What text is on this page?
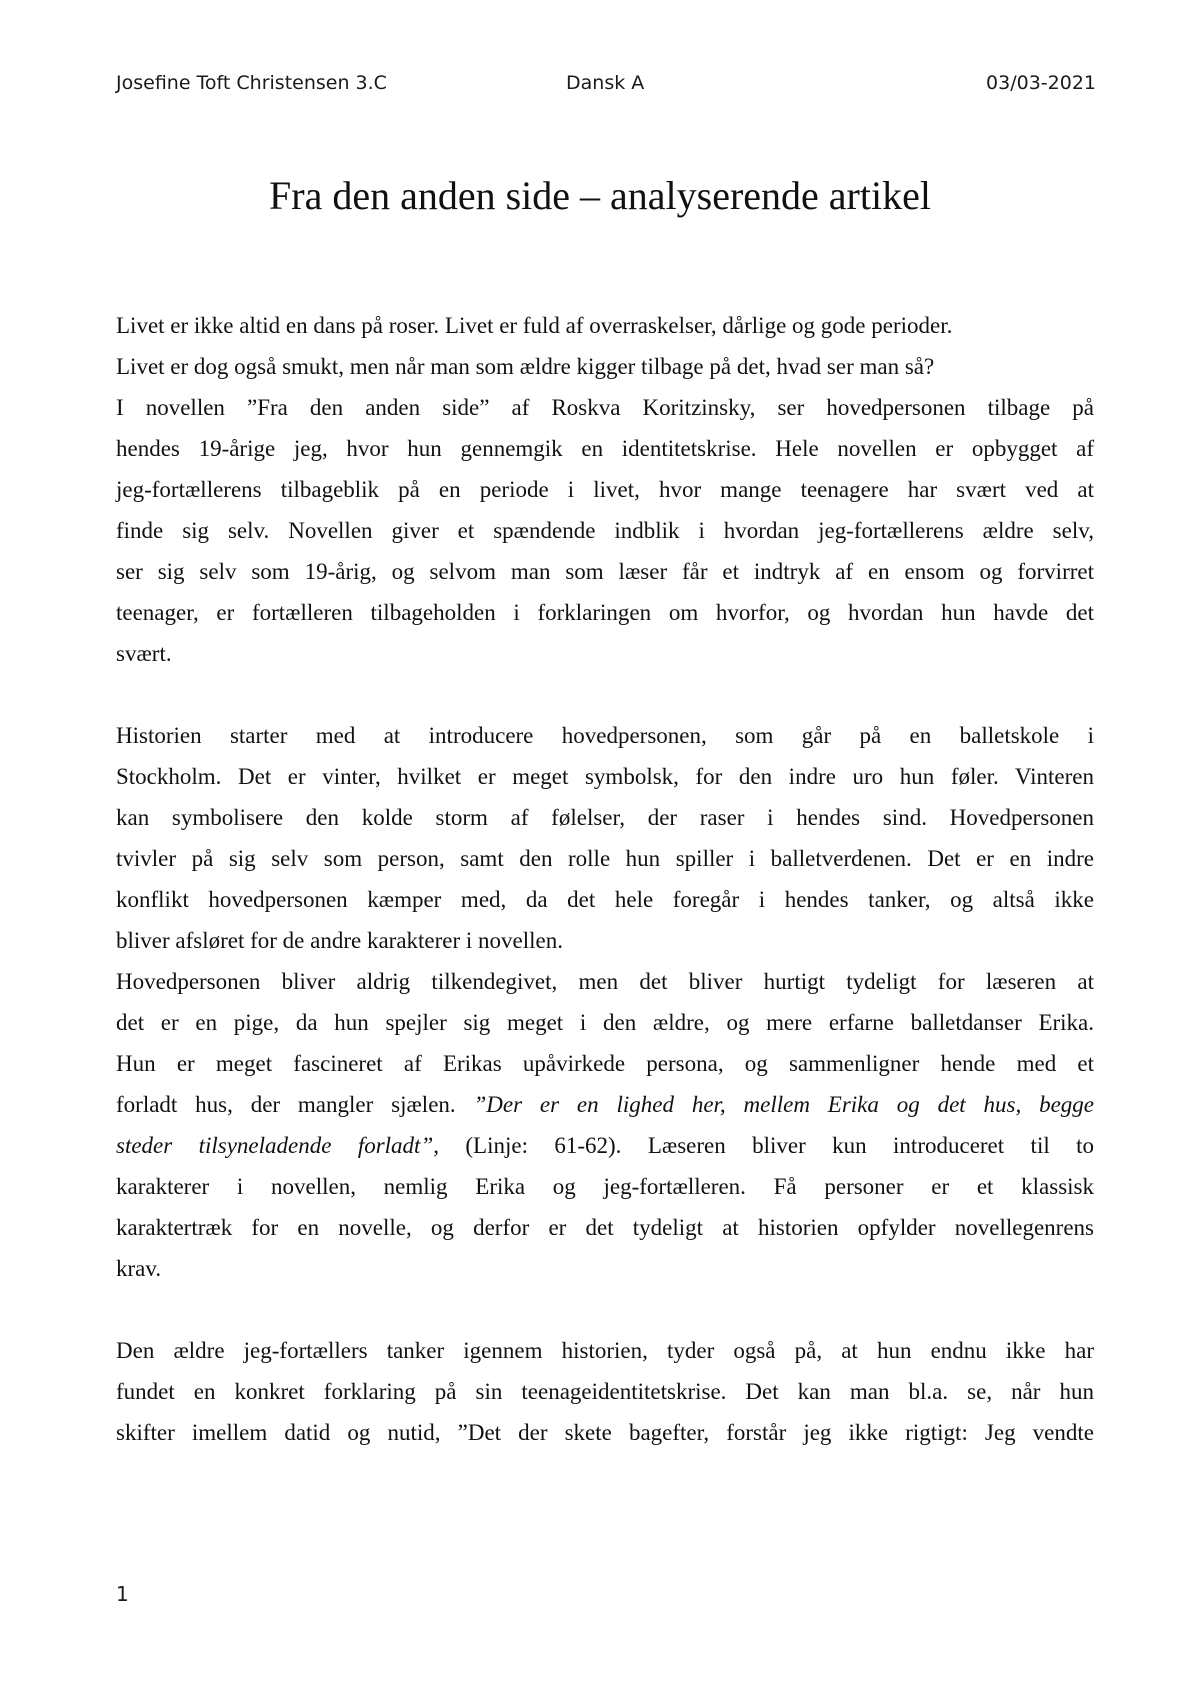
Josefine Toft Christensen 3.C	Dansk A	03/03-2021
Fra den anden side – analyserende artikel

Livet er ikke altid en dans på roser. Livet er fuld af overraskelser, dårlige og gode perioder.

Livet er dog også smukt, men når man som ældre kigger tilbage på det, hvad ser man så?

I novellen ”Fra den anden side” af Roskva Koritzinsky, ser hovedpersonen tilbage på

hendes 19-årige jeg, hvor hun gennemgik en identitetskrise. Hele novellen er opbygget af

jeg-fortællerens tilbageblik på en periode i livet, hvor mange teenagere har svært ved at

finde sig selv. Novellen giver et spændende indblik i hvordan jeg-fortællerens ældre selv,

ser sig selv som 19-årig, og selvom man som læser får et indtryk af en ensom og forvirret

teenager, er fortælleren tilbageholden i forklaringen om hvorfor, og hvordan hun havde det

svært.

Historien starter med at introducere hovedpersonen, som går på en balletskole i

Stockholm. Det er vinter, hvilket er meget symbolsk, for den indre uro hun føler. Vinteren

kan symbolisere den kolde storm af følelser, der raser i hendes sind. Hovedpersonen

tvivler på sig selv som person, samt den rolle hun spiller i balletverdenen. Det er en indre

konflikt hovedpersonen kæmper med, da det hele foregår i hendes tanker, og altså ikke

bliver afsløret for de andre karakterer i novellen.

Hovedpersonen bliver aldrig tilkendegivet, men det bliver hurtigt tydeligt for læseren at

det er en pige, da hun spejler sig meget i den ældre, og mere erfarne balletdanser Erika.

Hun er meget fascineret af Erikas upåvirkede persona, og sammenligner hende med et

forladt hus, der mangler sjælen. ”Der er en lighed her, mellem Erika og det hus, begge

steder tilsyneladende forladt”, (Linje: 61-62). Læseren bliver kun introduceret til to

karakterer i novellen, nemlig Erika og jeg-fortælleren. Få personer er et klassisk

karaktertræk for en novelle, og derfor er det tydeligt at historien opfylder novellegenrens

krav.

Den ældre jeg-fortællers tanker igennem historien, tyder også på, at hun endnu ikke har

fundet en konkret forklaring på sin teenageidentitetskrise. Det kan man bl.a. se, når hun

skifter imellem datid og nutid, ”Det der skete bagefter, forstår jeg ikke rigtigt: Jeg vendte

1
